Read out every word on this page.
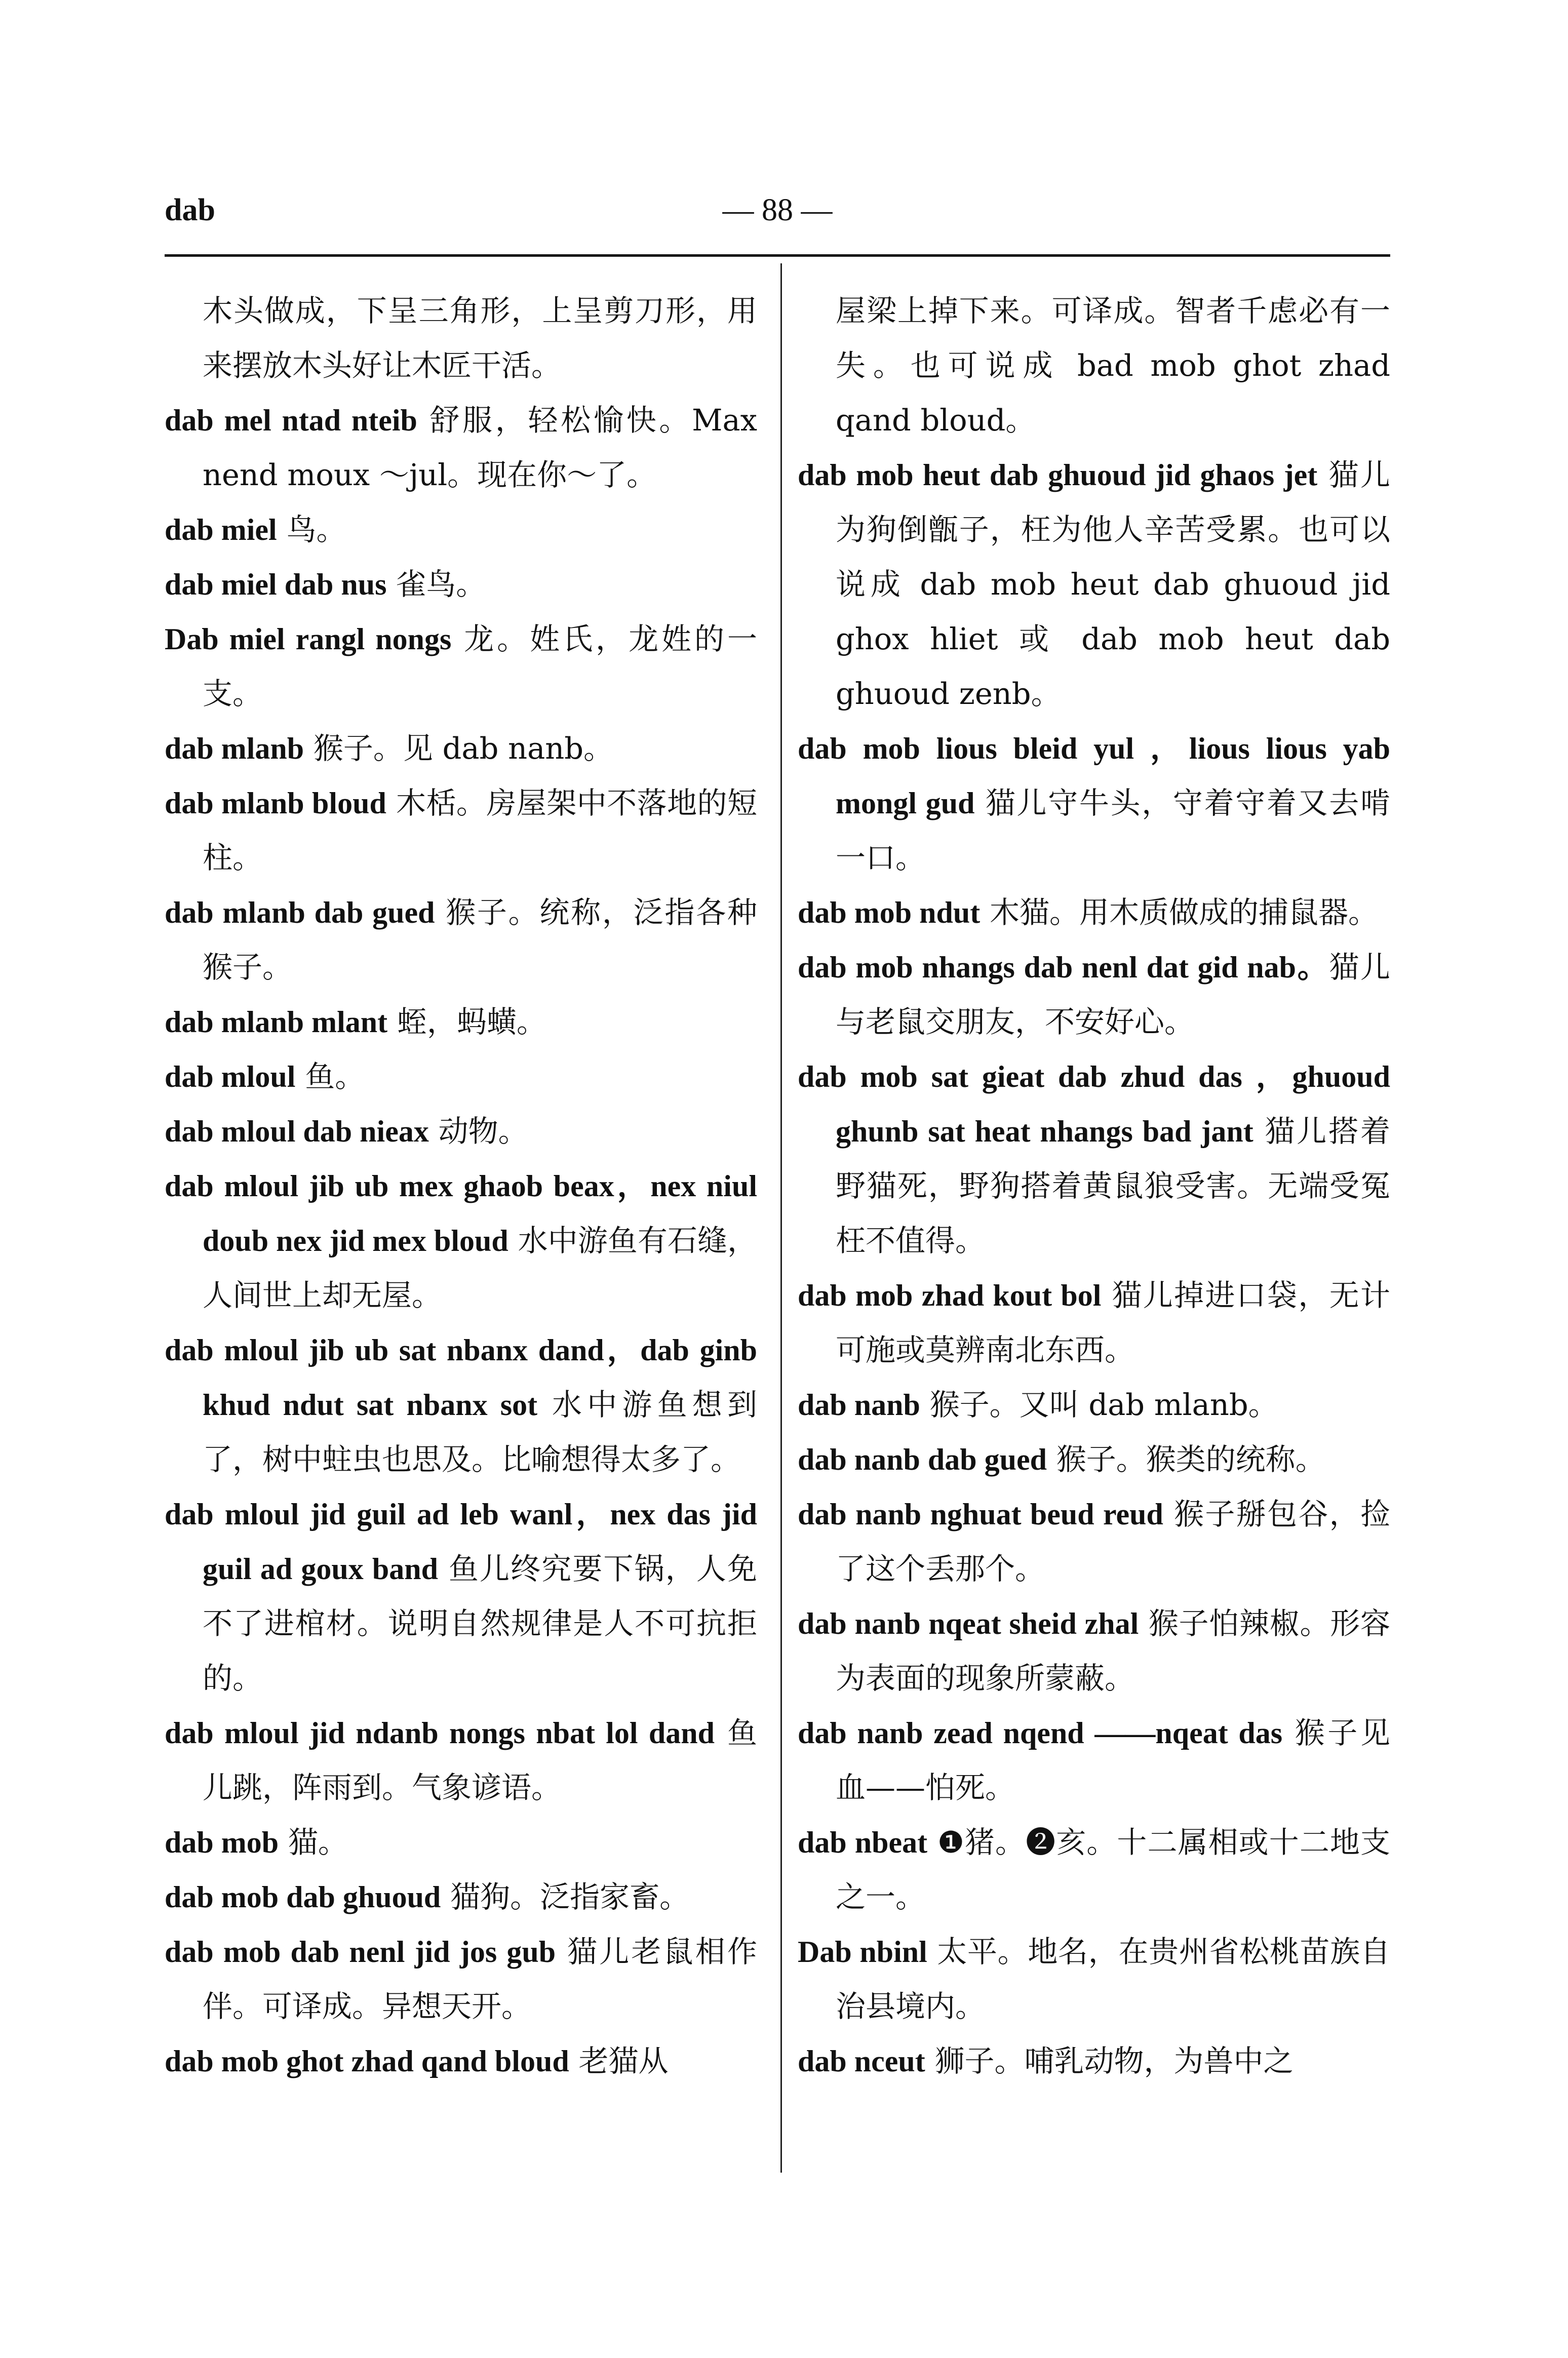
dab	— 88 —

木头做成，下呈三角形，上呈剪刀形，用来摆放木头好让木匠干活。

dab mel ntad nteib 舒服，轻松愉快。Max nend moux ～jul。现在你～了。

dab miel 鸟。

dab miel dab nus 雀鸟。

Dab miel rangl nongs 龙。姓氏，龙姓的一支。

dab mlanb 猴子。见 dab nanb。

dab mlanb bloud 木栝。房屋架中不落地的短柱。

dab mlanb dab gued 猴子。统称，泛指各种猴子。

dab mlanb mlant 蛭，蚂蟥。

dab mloul 鱼。

dab mloul dab nieax 动物。

dab mloul jib ub mex ghaob beax，nex niul doub nex jid mex bloud 水中游鱼有石缝，人间世上却无屋。

dab mloul jib ub sat nbanx dand，dab ginb khud ndut sat nbanx sot 水中游鱼想到了，树中蛀虫也思及。比喻想得太多了。

dab mloul jid guil ad leb wanl，nex das jid guil ad goux band 鱼儿终究要下锅，人免不了进棺材。说明自然规律是人不可抗拒的。

dab mloul jid ndanb nongs nbat lol dand 鱼儿跳，阵雨到。气象谚语。

dab mob 猫。

dab mob dab ghuoud 猫狗。泛指家畜。

dab mob dab nenl jid jos gub 猫儿老鼠相作伴。可译成。异想天开。

dab mob ghot zhad qand bloud 老猫从

屋梁上掉下来。可译成。智者千虑必有一失。也可说成 bad mob ghot zhad qand bloud。

dab mob heut dab ghuoud jid ghaos jet 猫儿为狗倒甑子，枉为他人辛苦受累。也可以说成 dab mob heut dab ghuoud jid ghox hliet 或 dab mob heut dab ghuoud zenb。

dab mob lious bleid yul ，lious lious yab mongl gud 猫儿守牛头，守着守着又去啃一口。

dab mob ndut 木猫。用木质做成的捕鼠器。

dab mob nhangs dab nenl dat gid nab。猫儿与老鼠交朋友，不安好心。

dab mob sat gieat dab zhud das ，ghuoud ghunb sat heat nhangs bad jant 猫儿搭着野猫死，野狗搭着黄鼠狼受害。无端受冤枉不值得。

dab mob zhad kout bol 猫儿掉进口袋，无计可施或莫辨南北东西。

dab nanb 猴子。又叫 dab mlanb。

dab nanb dab gued 猴子。猴类的统称。

dab nanb nghuat beud reud 猴子掰包谷，捡了这个丢那个。

dab nanb nqeat sheid zhal 猴子怕辣椒。形容为表面的现象所蒙蔽。

dab nanb zead nqend ——nqeat das 猴子见血——怕死。

dab nbeat ❶猪。❷亥。十二属相或十二地支之一。

Dab nbinl 太平。地名，在贵州省松桃苗族自治县境内。

dab nceut 狮子。哺乳动物，为兽中之
